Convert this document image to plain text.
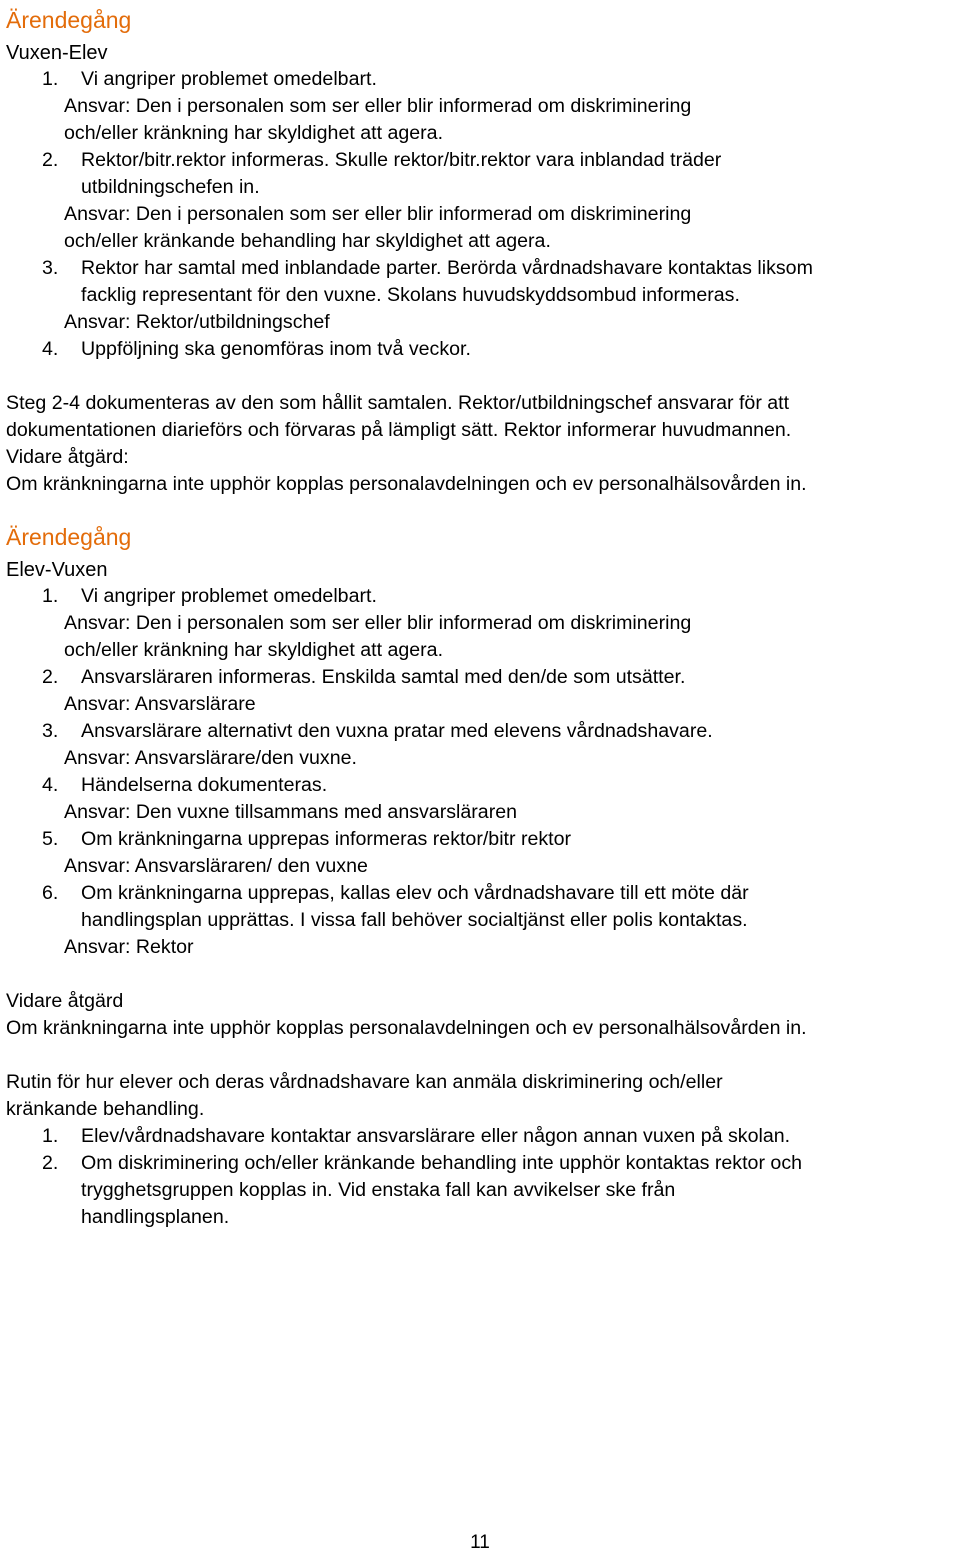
Ärendegång
Vuxen-Elev
1. Vi angriper problemet omedelbart.
Ansvar: Den i personalen som ser eller blir informerad om diskriminering
och/eller kränkning har skyldighet att agera.
2. Rektor/bitr.rektor informeras. Skulle rektor/bitr.rektor vara inblandad träder
utbildningschefen in.
Ansvar: Den i personalen som ser eller blir informerad om diskriminering
och/eller kränkande behandling har skyldighet att agera.
3. Rektor har samtal med inblandade parter. Berörda vårdnadshavare kontaktas liksom
facklig representant för den vuxne. Skolans huvudskyddsombud informeras.
Ansvar: Rektor/utbildningschef
4. Uppföljning ska genomföras inom två veckor.

Steg 2-4 dokumenteras av den som hållit samtalen. Rektor/utbildningschef ansvarar för att

dokumentationen diarieförs och förvaras på lämpligt sätt. Rektor informerar huvudmannen.

Vidare åtgärd:

Om kränkningarna inte upphör kopplas personalavdelningen och ev personalhälsovården in.

Ärendegång
Elev-Vuxen
1. Vi angriper problemet omedelbart.
Ansvar: Den i personalen som ser eller blir informerad om diskriminering
och/eller kränkning har skyldighet att agera.
2. Ansvarsläraren informeras. Enskilda samtal med den/de som utsätter.
Ansvar: Ansvarslärare
3. Ansvarslärare alternativt den vuxna pratar med elevens vårdnadshavare.
Ansvar: Ansvarslärare/den vuxne.
4. Händelserna dokumenteras.
Ansvar: Den vuxne tillsammans med ansvarsläraren
5. Om kränkningarna upprepas informeras rektor/bitr rektor
Ansvar: Ansvarsläraren/ den vuxne
6. Om kränkningarna upprepas, kallas elev och vårdnadshavare till ett möte där
handlingsplan upprättas. I vissa fall behöver socialtjänst eller polis kontaktas.
Ansvar: Rektor

Vidare åtgärd

Om kränkningarna inte upphör kopplas personalavdelningen och ev personalhälsovården in.

Rutin för hur elever och deras vårdnadshavare kan anmäla diskriminering och/eller

kränkande behandling.

1. Elev/vårdnadshavare kontaktar ansvarslärare eller någon annan vuxen på skolan.
2. Om diskriminering och/eller kränkande behandling inte upphör kontaktas rektor och
trygghetsgruppen kopplas in. Vid enstaka fall kan avvikelser ske från
handlingsplanen.
11
